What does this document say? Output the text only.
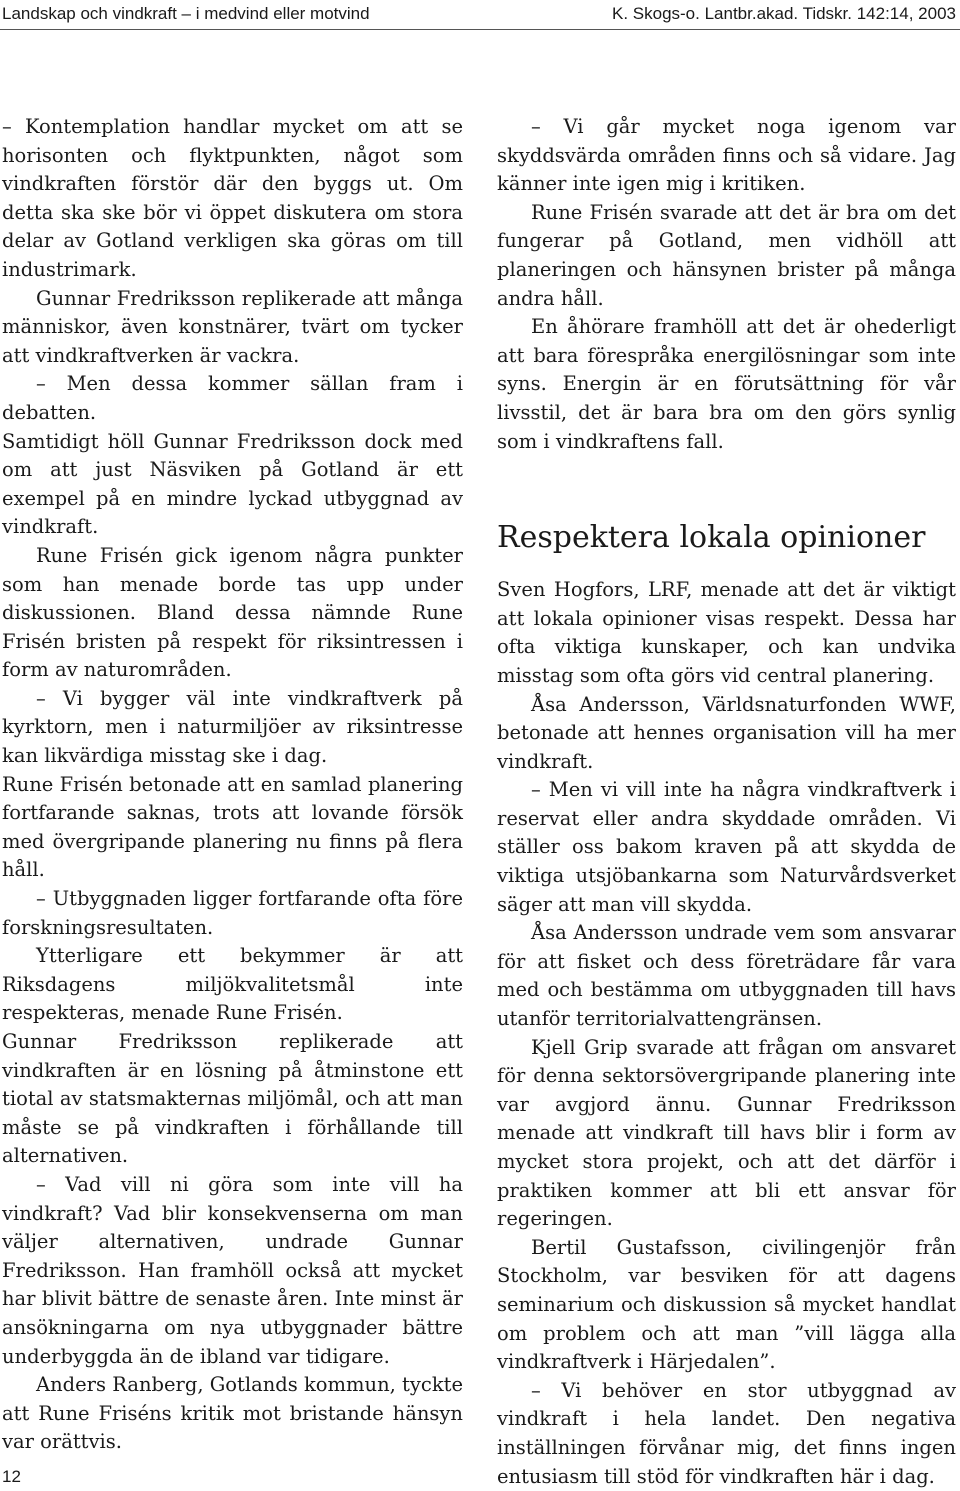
Landskap och vindkraft – i medvind eller motvind	K. Skogs-o. Lantbr.akad. Tidskr. 142:14, 2003

– Kontemplation handlar mycket om att se horisonten och flyktpunkten, något som vindkraften förstör där den byggs ut. Om detta ska ske bör vi öppet diskutera om stora delar av Gotland verkligen ska göras om till industrimark.

Gunnar Fredriksson replikerade att många människor, även konstnärer, tvärt om tycker att vindkraftverken är vackra.

– Men dessa kommer sällan fram i debatten.

Samtidigt höll Gunnar Fredriksson dock med om att just Näsviken på Gotland är ett exempel på en mindre lyckad utbyggnad av vindkraft.

Rune Frisén gick igenom några punkter som han menade borde tas upp under diskussionen. Bland dessa nämnde Rune Frisén bristen på respekt för riksintressen i form av naturområden.

– Vi bygger väl inte vindkraftverk på kyrktorn, men i naturmiljöer av riksintresse kan likvärdiga misstag ske i dag.

Rune Frisén betonade att en samlad planering fortfarande saknas, trots att lovande försök med övergripande planering nu finns på flera håll.

– Utbyggnaden ligger fortfarande ofta före forskningsresultaten.

Ytterligare ett bekymmer är att Riksdagens miljökvalitetsmål inte respekteras, menade Rune Frisén.

Gunnar Fredriksson replikerade att vindkraften är en lösning på åtminstone ett tiotal av statsmakternas miljömål, och att man måste se på vindkraften i förhållande till alternativen.

– Vad vill ni göra som inte vill ha vindkraft? Vad blir konsekvenserna om man väljer alternativen, undrade Gunnar Fredriksson. Han framhöll också att mycket har blivit bättre de senaste åren. Inte minst är ansökningarna om nya utbyggnader bättre underbyggda än de ibland var tidigare.

Anders Ranberg, Gotlands kommun, tyckte att Rune Friséns kritik mot bristande hänsyn var orättvis.

– Vi går mycket noga igenom var skyddsvärda områden finns och så vidare. Jag känner inte igen mig i kritiken.

Rune Frisén svarade att det är bra om det fungerar på Gotland, men vidhöll att planeringen och hänsynen brister på många andra håll.

En åhörare framhöll att det är ohederligt att bara förespråka energilösningar som inte syns. Energin är en förutsättning för vår livsstil, det är bara bra om den görs synlig som i vindkraftens fall.

Respektera lokala opinioner

Sven Hogfors, LRF, menade att det är viktigt att lokala opinioner visas respekt. Dessa har ofta viktiga kunskaper, och kan undvika misstag som ofta görs vid central planering.

Åsa Andersson, Världsnaturfonden WWF, betonade att hennes organisation vill ha mer vindkraft.

– Men vi vill inte ha några vindkraftverk i reservat eller andra skyddade områden. Vi ställer oss bakom kraven på att skydda de viktiga utsjöbankarna som Naturvårdsverket säger att man vill skydda.

Åsa Andersson undrade vem som ansvarar för att fisket och dess företrädare får vara med och bestämma om utbyggnaden till havs utanför territorialvattengränsen.

Kjell Grip svarade att frågan om ansvaret för denna sektorsövergripande planering inte var avgjord ännu. Gunnar Fredriksson menade att vindkraft till havs blir i form av mycket stora projekt, och att det därför i praktiken kommer att bli ett ansvar för regeringen.

Bertil Gustafsson, civilingenjör från Stockholm, var besviken för att dagens seminarium och diskussion så mycket handlat om problem och att man ”vill lägga alla vindkraftverk i Härjedalen”.

– Vi behöver en stor utbyggnad av vindkraft i hela landet. Den negativa inställningen förvånar mig, det finns ingen entusiasm till stöd för vindkraften här i dag.

12
